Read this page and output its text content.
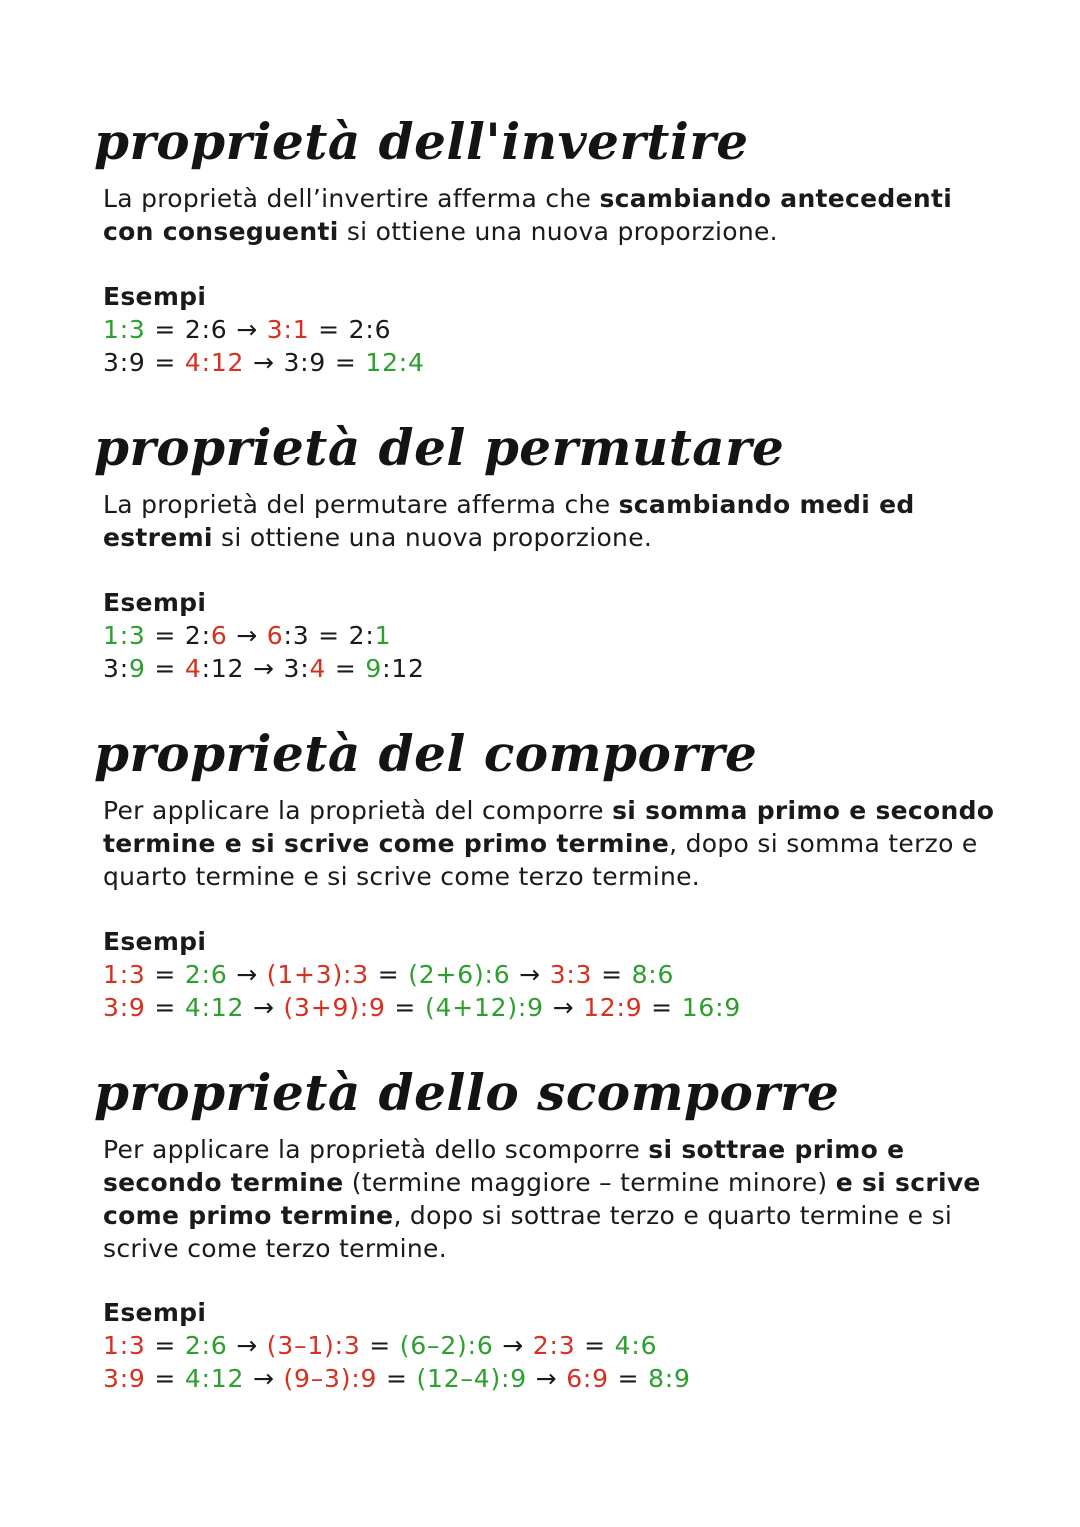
proprietà dell'invertire

La proprietà dell’invertire afferma che scambiando antecedenti con conseguenti si ottiene una nuova proporzione.

Esempi
1:3 = 2:6 → 3:1 = 2:6
3:9 = 4:12 → 3:9 = 12:4
proprietà del permutare

La proprietà del permutare afferma che scambiando medi ed estremi si ottiene una nuova proporzione.

Esempi
1:3 = 2:6 → 6:3 = 2:1
3:9 = 4:12 → 3:4 = 9:12
proprietà del comporre

Per applicare la proprietà del comporre si somma primo e secondo termine e si scrive come primo termine, dopo si somma terzo e quarto termine e si scrive come terzo termine.

Esempi
1:3 = 2:6 → (1+3):3 = (2+6):6 → 3:3 = 8:6
3:9 = 4:12 → (3+9):9 = (4+12):9 → 12:9 = 16:9
proprietà dello scomporre

Per applicare la proprietà dello scomporre si sottrae primo e secondo termine (termine maggiore – termine minore) e si scrive come primo termine, dopo si sottrae terzo e quarto termine e si scrive come terzo termine.

Esempi
1:3 = 2:6 → (3–1):3 = (6–2):6 → 2:3 = 4:6
3:9 = 4:12 → (9–3):9 = (12–4):9 → 6:9 = 8:9
